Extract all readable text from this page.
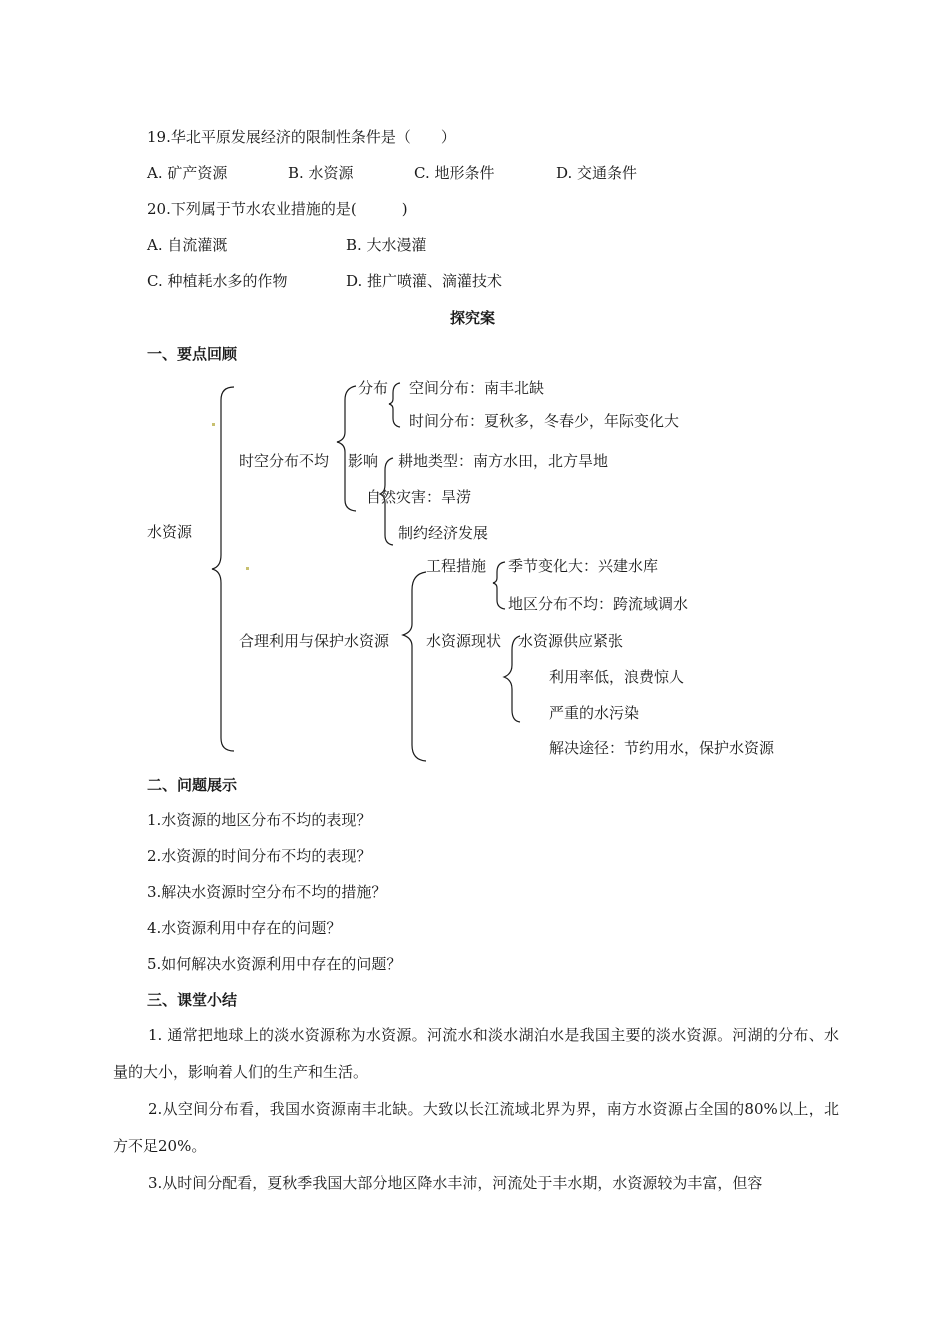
19.华北平原发展经济的限制性条件是（　　）
A. 矿产资源	B. 水资源	C. 地形条件	D. 交通条件
20.下列属于节水农业措施的是(　　　)
A. 自流灌溉	B. 大水漫灌
C. 种植耗水多的作物	D. 推广喷灌、滴灌技术
探究案
一、要点回顾
水资源
时空分布不均
分布 空间分布：南丰北缺
时间分布：夏秋多，冬春少，年际变化大
影响 耕地类型：南方水田，北方旱地
自然灾害：旱涝
制约经济发展
合理利用与保护水资源
工程措施 季节变化大：兴建水库
地区分布不均：跨流域调水
水资源现状 水资源供应紧张
利用率低，浪费惊人
严重的水污染
解决途径：节约用水，保护水资源
二、问题展示
1.水资源的地区分布不均的表现？
2.水资源的时间分布不均的表现？
3.解决水资源时空分布不均的措施？
4.水资源利用中存在的问题？
5.如何解决水资源利用中存在的问题？
三、课堂小结
1. 通常把地球上的淡水资源称为水资源。河流水和淡水湖泊水是我国主要的淡水资源。河湖的分布、水量的大小，影响着人们的生产和生活。
2.从空间分布看，我国水资源南丰北缺。大致以长江流域北界为界，南方水资源占全国的80%以上，北方不足20%。
3.从时间分配看，夏秋季我国大部分地区降水丰沛，河流处于丰水期，水资源较为丰富，但容
